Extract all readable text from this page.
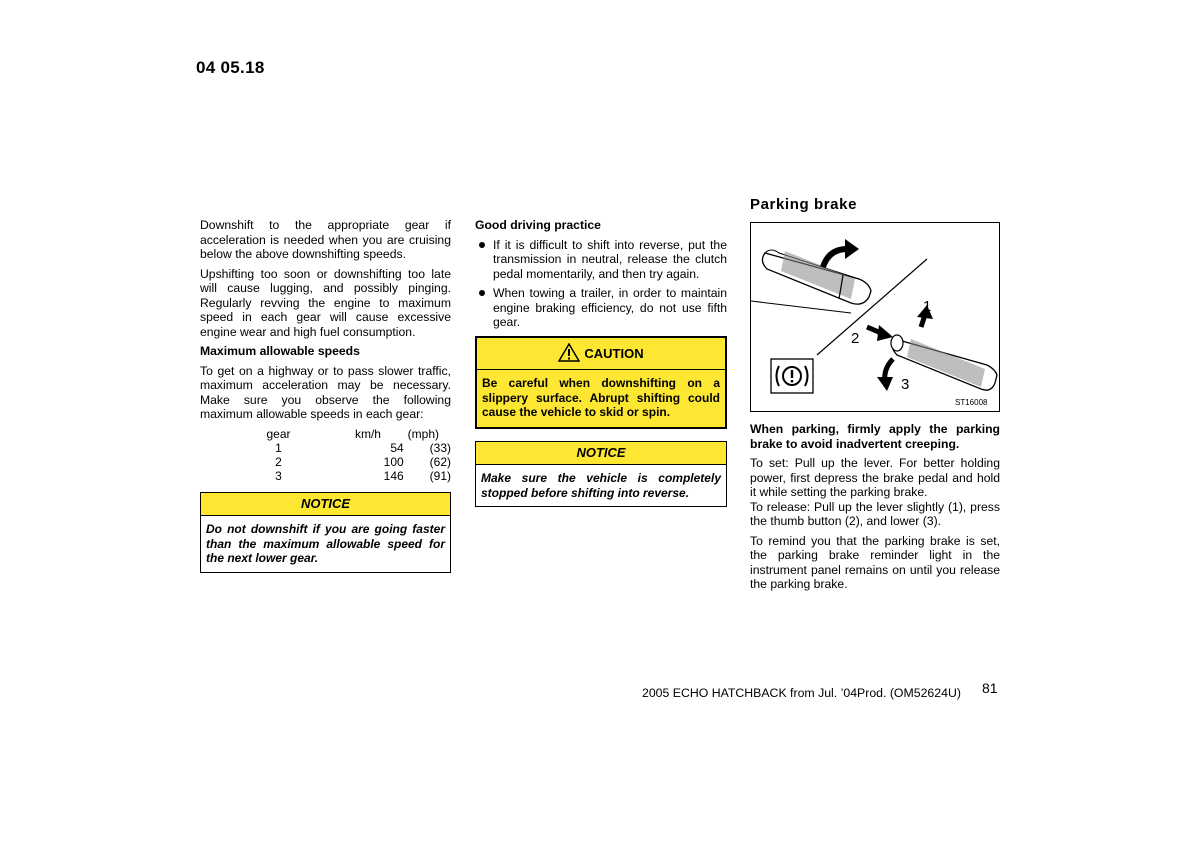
04 05.18

Downshift to the appropriate gear if acceleration is needed when you are cruising below the above downshifting speeds.

Upshifting too soon or downshifting too late will cause lugging, and possibly pinging. Regularly revving the engine to maximum speed in each gear will cause excessive engine wear and high fuel consumption.

Maximum allowable speeds

To get on a highway or to pass slower traffic, maximum acceleration may be necessary. Make sure you observe the following maximum allowable speeds in each gear:

gear	km/h	(mph)
1	54	(33)
2	100	(62)
3	146	(91)
NOTICE
Do not downshift if you are going faster than the maximum allowable speed for the next lower gear.
Good driving practice
If it is difficult to shift into reverse, put the transmission in neutral, release the clutch pedal momentarily, and then try again.
When towing a trailer, in order to maintain engine braking efficiency, do not use fifth gear.
CAUTION
Be careful when downshifting on a slippery surface. Abrupt shifting could cause the vehicle to skid or spin.
NOTICE
Make sure the vehicle is completely stopped before shifting into reverse.
Parking brake
1
2
3
ST16008
When parking, firmly apply the parking brake to avoid inadvertent creeping.

To set: Pull up the lever. For better holding power, first depress the brake pedal and hold it while setting the parking brake.

To release: Pull up the lever slightly (1), press the thumb button (2), and lower (3).

To remind you that the parking brake is set, the parking brake reminder light in the instrument panel remains on until you release the parking brake.

2005 ECHO HATCHBACK from Jul. ’04Prod. (OM52624U) 81
